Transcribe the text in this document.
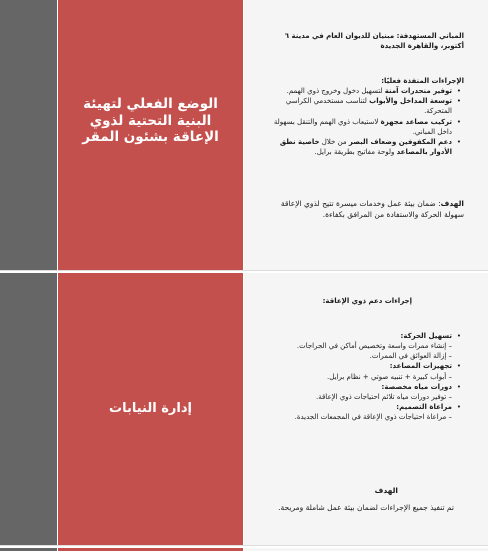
الوضع الفعلي لتهيئة البنية التحتية لذوي الإعاقة بشئون المقر
المباني المستهدفة: مبنيان للديوان العام في مدينة ٦ أكتوبر، والقاهرة الجديدة
الإجراءات المنفذة فعليًا:
• توفير منحدرات آمنة لتسهيل دخول وخروج ذوي الهمم.
• توسعة المداخل والأبواب لتناسب مستخدمي الكراسي المتحركة.
• تركيب مصاعد مجهزة لاستيعاب ذوي الهمم والتنقل بسهولة داخل المباني.
• دعم المكفوفين وضعاف البصر من خلال خاصية نطق الأدوار بالمصاعد ولوحة مفاتيح بطريقة برايل.
الهدف: ضمان بيئة عمل وخدمات ميسرة تتيح لذوي الإعاقة سهولة الحركة والاستفادة من المرافق بكفاءة.
إدارة النيابات
إجراءات دعم ذوي الإعاقة:
• تسهيل الحركة:
– إنشاء ممرات واسعة وتخصيص أماكن في الجراجات.
– إزالة العوائق في الممرات.
• تجهيزات المصاعد:
– أبواب كبيرة + تنبيه صوتي + نظام برايل.
• دورات مياه مخصصة:
– توفير دورات مياه تلائم احتياجات ذوي الإعاقة.
• مراعاة التصميم:
– مراعاة احتياجات ذوي الإعاقة في المجمعات الجديدة.
الهدف
تم تنفيذ جميع الإجراءات لضمان بيئة عمل شاملة ومريحة.
